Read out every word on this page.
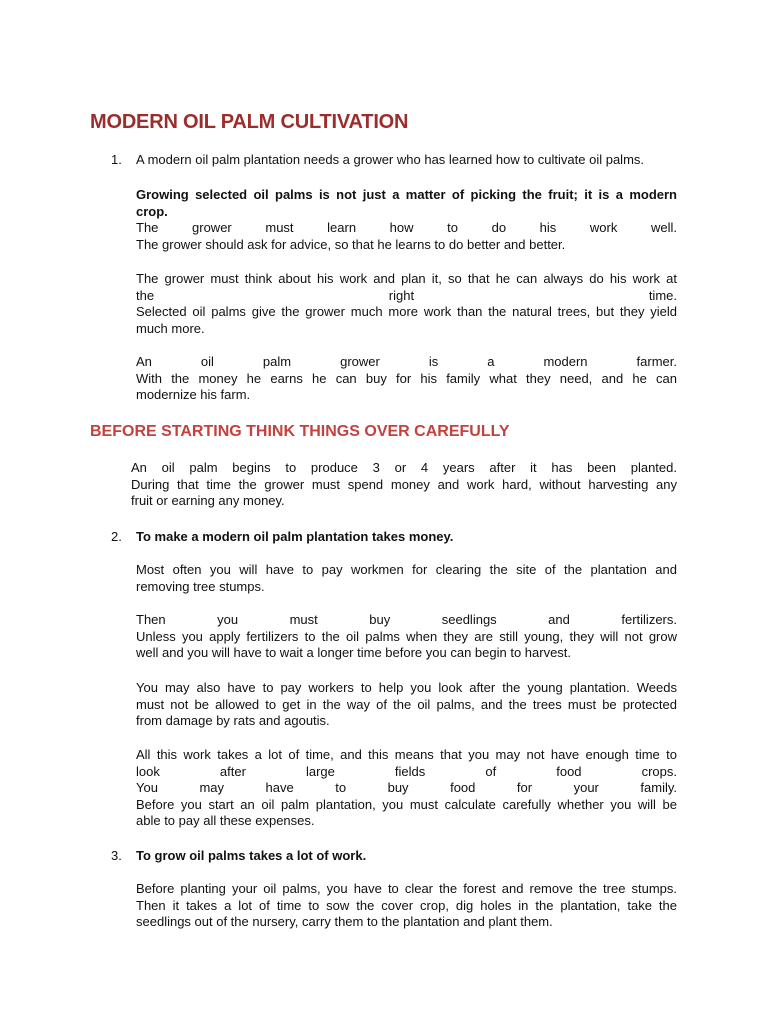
MODERN OIL PALM CULTIVATION
1. A modern oil palm plantation needs a grower who has learned how to cultivate oil palms.

Growing selected oil palms is not just a matter of picking the fruit; it is a modern

crop.

The grower must learn how to do his work well.

The grower should ask for advice, so that he learns to do better and better.

The grower must think about his work and plan it, so that he can always do his work at

the right time.

Selected oil palms give the grower much more work than the natural trees, but they yield

much more.

An oil palm grower is a modern farmer.

With the money he earns he can buy for his family what they need, and he can

modernize his farm.

BEFORE STARTING THINK THINGS OVER CAREFULLY

An oil palm begins to produce 3 or 4 years after it has been planted.

During that time the grower must spend money and work hard, without harvesting any

fruit or earning any money.

2. To make a modern oil palm plantation takes money.

Most often you will have to pay workmen for clearing the site of the plantation and

removing tree stumps.

Then you must buy seedlings and fertilizers.

Unless you apply fertilizers to the oil palms when they are still young, they will not grow

well and you will have to wait a longer time before you can begin to harvest.

You may also have to pay workers to help you look after the young plantation. Weeds

must not be allowed to get in the way of the oil palms, and the trees must be protected

from damage by rats and agoutis.

All this work takes a lot of time, and this means that you may not have enough time to

look after large fields of food crops.

You may have to buy food for your family.

Before you start an oil palm plantation, you must calculate carefully whether you will be

able to pay all these expenses.

3. To grow oil palms takes a lot of work.

Before planting your oil palms, you have to clear the forest and remove the tree stumps.

Then it takes a lot of time to sow the cover crop, dig holes in the plantation, take the

seedlings out of the nursery, carry them to the plantation and plant them.
